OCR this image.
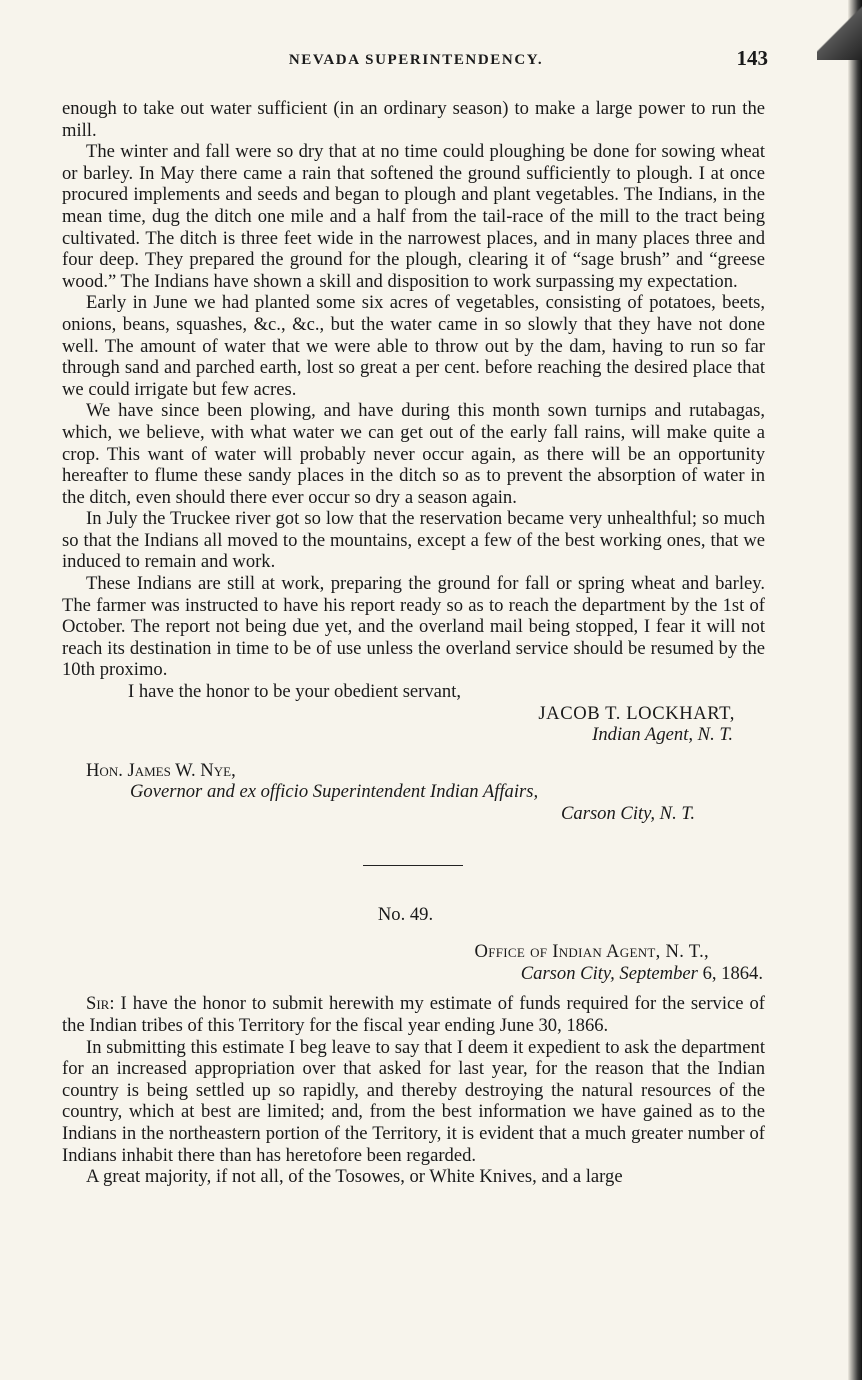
NEVADA SUPERINTENDENCY.	143

enough to take out water sufficient (in an ordinary season) to make a large power to run the mill.

The winter and fall were so dry that at no time could ploughing be done for sowing wheat or barley. In May there came a rain that softened the ground sufficiently to plough. I at once procured implements and seeds and began to plough and plant vegetables. The Indians, in the mean time, dug the ditch one mile and a half from the tail-race of the mill to the tract being cultivated. The ditch is three feet wide in the narrowest places, and in many places three and four deep. They prepared the ground for the plough, clearing it of “sage brush” and “greese wood.” The Indians have shown a skill and disposition to work surpassing my expectation.

Early in June we had planted some six acres of vegetables, consisting of potatoes, beets, onions, beans, squashes, &c., &c., but the water came in so slowly that they have not done well. The amount of water that we were able to throw out by the dam, having to run so far through sand and parched earth, lost so great a per cent. before reaching the desired place that we could irrigate but few acres.

We have since been plowing, and have during this month sown turnips and rutabagas, which, we believe, with what water we can get out of the early fall rains, will make quite a crop. This want of water will probably never occur again, as there will be an opportunity hereafter to flume these sandy places in the ditch so as to prevent the absorption of water in the ditch, even should there ever occur so dry a season again.

In July the Truckee river got so low that the reservation became very unhealthful; so much so that the Indians all moved to the mountains, except a few of the best working ones, that we induced to remain and work.

These Indians are still at work, preparing the ground for fall or spring wheat and barley. The farmer was instructed to have his report ready so as to reach the department by the 1st of October. The report not being due yet, and the overland mail being stopped, I fear it will not reach its destination in time to be of use unless the overland service should be resumed by the 10th proximo.

I have the honor to be your obedient servant,

JACOB T. LOCKHART,

Indian Agent, N. T.

Hon. James W. Nye,

Governor and ex officio Superintendent Indian Affairs,

Carson City, N. T.

No. 49.

Office of Indian Agent, N. T.,

Carson City, September 6, 1864.

Sir: I have the honor to submit herewith my estimate of funds required for the service of the Indian tribes of this Territory for the fiscal year ending June 30, 1866.

In submitting this estimate I beg leave to say that I deem it expedient to ask the department for an increased appropriation over that asked for last year, for the reason that the Indian country is being settled up so rapidly, and thereby destroying the natural resources of the country, which at best are limited; and, from the best information we have gained as to the Indians in the northeastern portion of the Territory, it is evident that a much greater number of Indians inhabit there than has heretofore been regarded.

A great majority, if not all, of the Tosowes, or White Knives, and a large
